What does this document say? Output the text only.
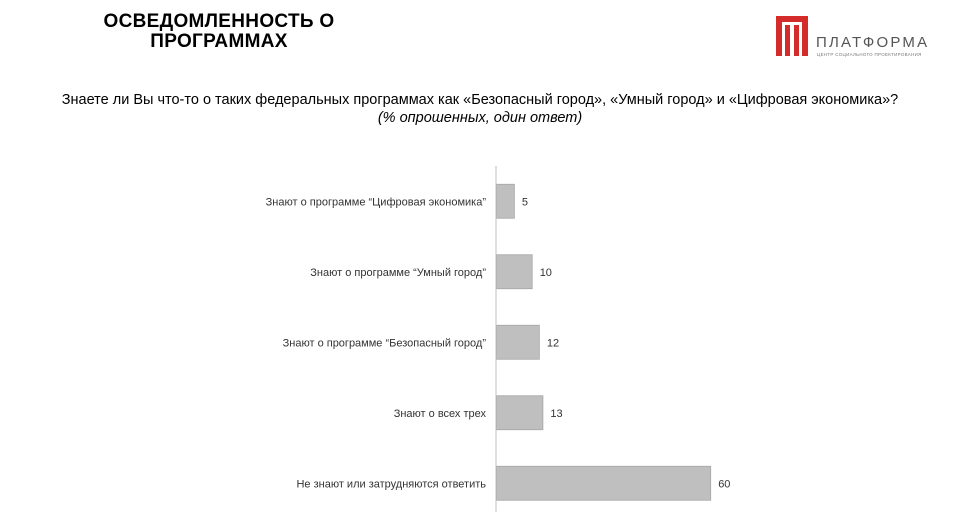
ОСВЕДОМЛЕННОСТЬ О
ПРОГРАММАХ	ПЛАТФОРМА
ЦЕНТР СОЦИАЛЬНОГО ПРОЕКТИРОВАНИЯ

Знаете ли Вы что-то о таких федеральных программах как «Безопасный город», «Умный город» и «Цифровая экономика»?

(% опрошенных, один ответ)

Знают о программе “Цифровая экономика”	5
Знают о программе “Умный город”	10
Знают о программе “Безопасный город”	12
Знают о всех трех	13
Не знают или затрудняются ответить	60
